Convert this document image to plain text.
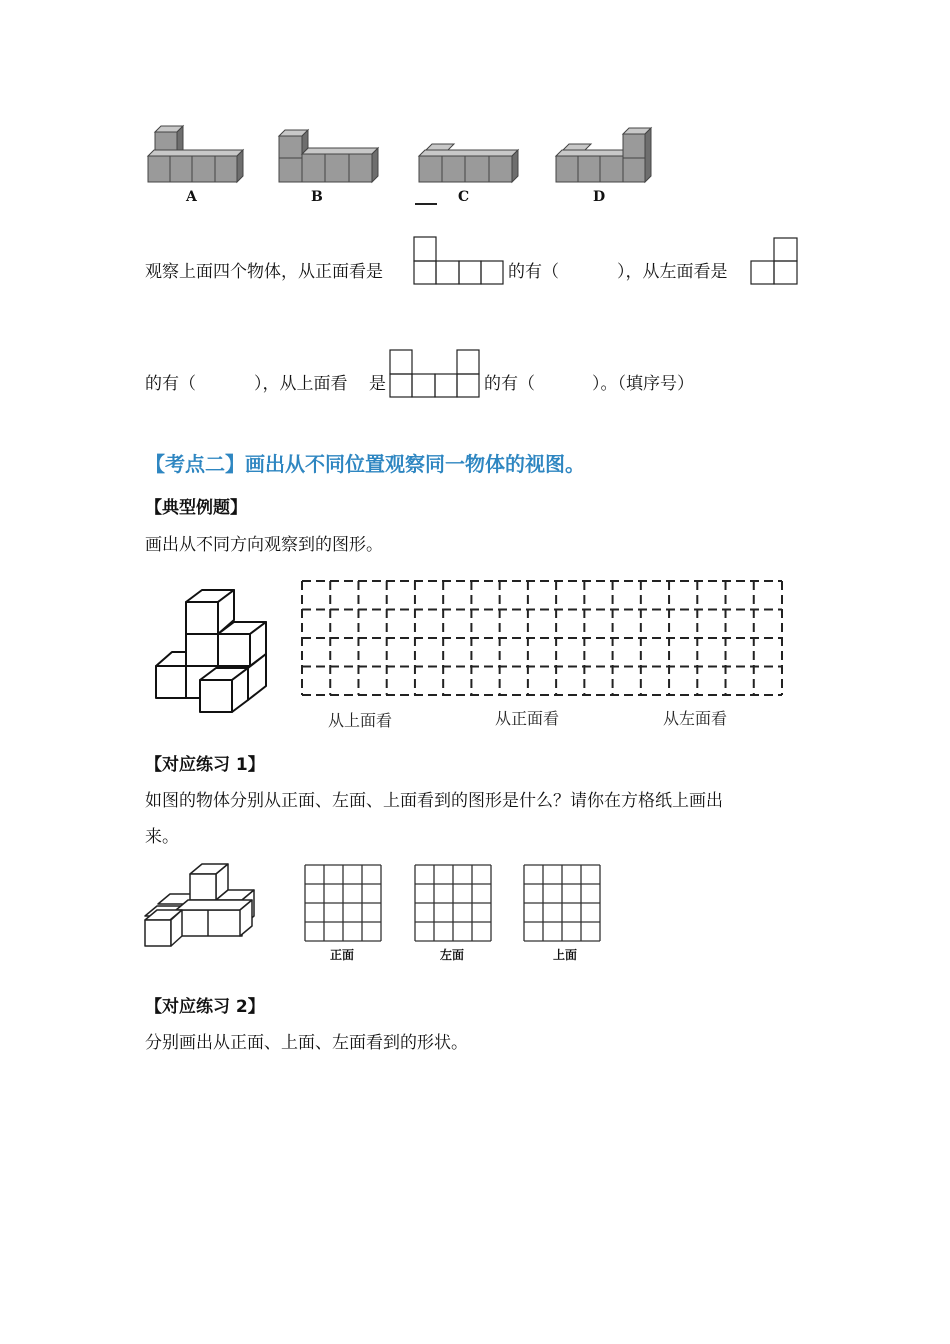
A	B	C	D
观察上面四个物体，从正面看是	的有（	），从左面看是
的有（	），从上面看 是	的有（	）。（填序号）
【考点二】画出从不同位置观察同一物体的视图。
【典型例题】
画出从不同方向观察到的图形。
从上面看	从正面看	从左面看
【对应练习 1】
如图的物体分别从正面、左面、上面看到的图形是什么？请你在方格纸上画出
来。
正面	左面	上面
【对应练习 2】
分别画出从正面、上面、左面看到的形状。
